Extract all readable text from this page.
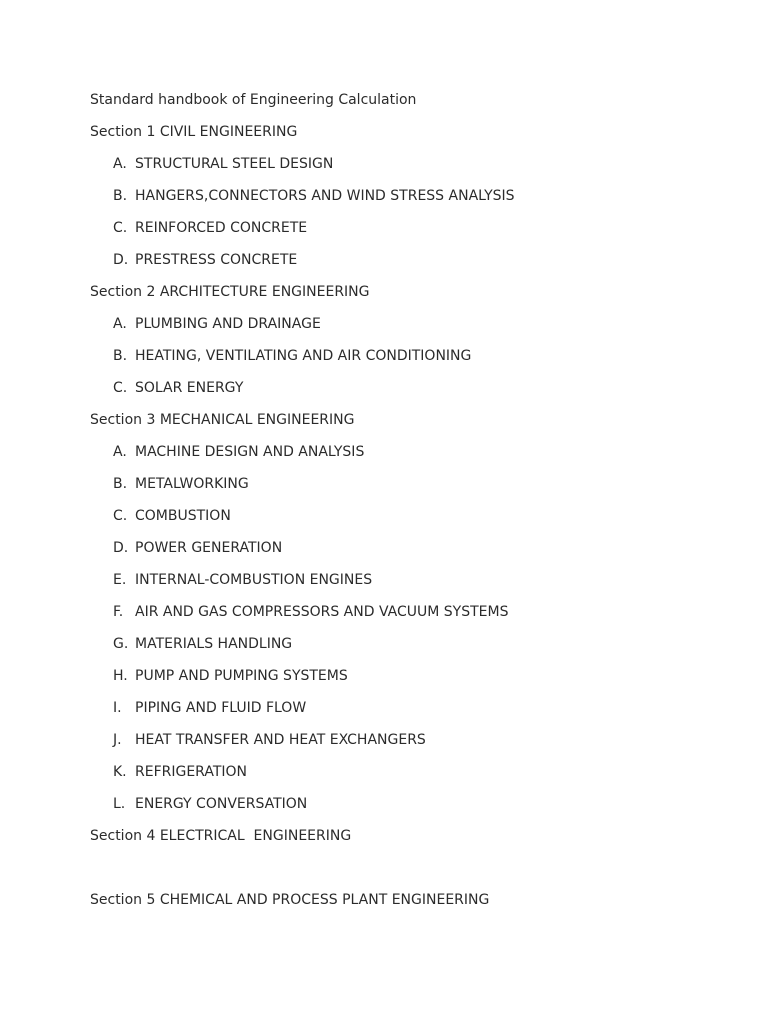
Standard handbook of Engineering Calculation
Section 1 CIVIL ENGINEERING
A. STRUCTURAL STEEL DESIGN
B. HANGERS,CONNECTORS AND WIND STRESS ANALYSIS
C. REINFORCED CONCRETE
D. PRESTRESS CONCRETE
Section 2 ARCHITECTURE ENGINEERING
A. PLUMBING AND DRAINAGE
B. HEATING, VENTILATING AND AIR CONDITIONING
C. SOLAR ENERGY
Section 3 MECHANICAL ENGINEERING
A. MACHINE DESIGN AND ANALYSIS
B. METALWORKING
C. COMBUSTION
D. POWER GENERATION
E. INTERNAL-COMBUSTION ENGINES
F. AIR AND GAS COMPRESSORS AND VACUUM SYSTEMS
G. MATERIALS HANDLING
H. PUMP AND PUMPING SYSTEMS
I. PIPING AND FLUID FLOW
J. HEAT TRANSFER AND HEAT EXCHANGERS
K. REFRIGERATION
L. ENERGY CONVERSATION
Section 4 ELECTRICAL  ENGINEERING
Section 5 CHEMICAL AND PROCESS PLANT ENGINEERING
